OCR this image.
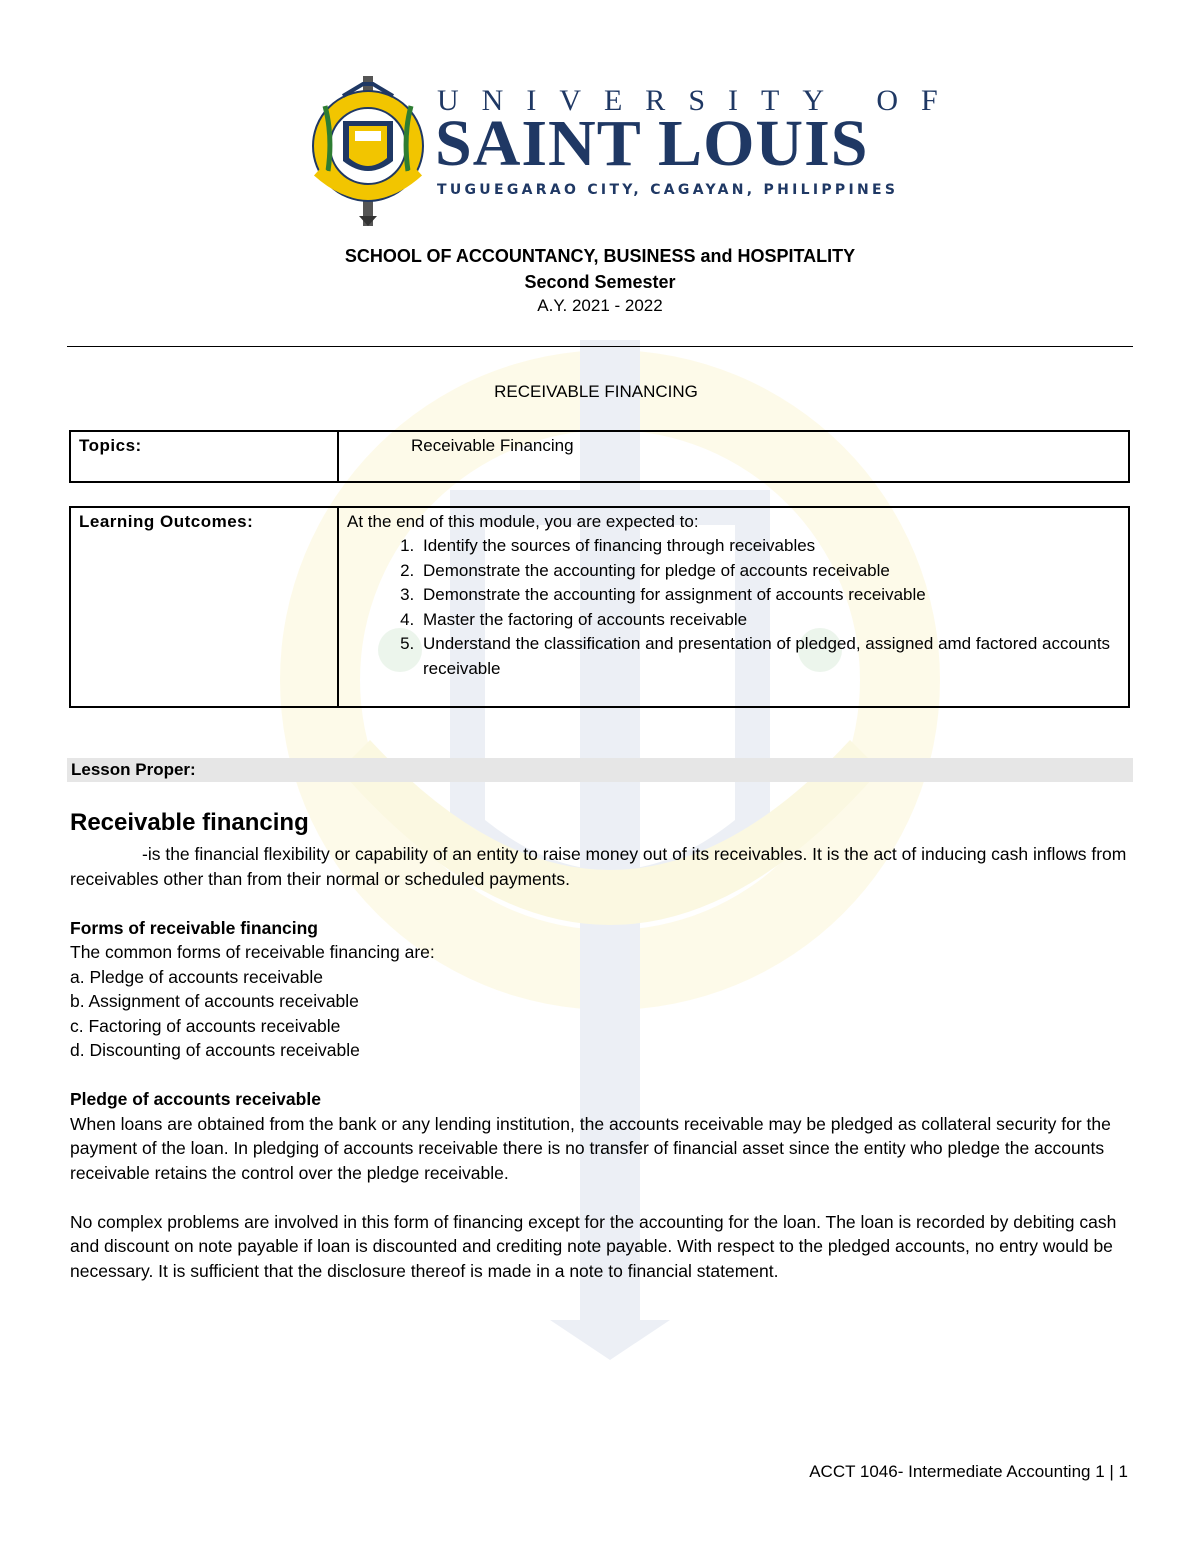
UNIVERSITY OF
SAINT LOUIS
TUGUEGARAO CITY, CAGAYAN, PHILIPPINES
SCHOOL OF ACCOUNTANCY, BUSINESS and HOSPITALITY
Second Semester
A.Y. 2021 - 2022
RECEIVABLE FINANCING
Topics:	Receivable Financing
Learning Outcomes:	At the end of this module, you are expected to:

1. Identify the sources of financing through receivables
2. Demonstrate the accounting for pledge of accounts receivable
3. Demonstrate the accounting for assignment of accounts receivable
4. Master the factoring of accounts receivable
5. Understand the classification and presentation of pledged, assigned amd factored accounts receivable
Lesson Proper:
Receivable financing

-is the financial flexibility or capability of an entity to raise money out of its receivables. It is the act of inducing cash inflows from receivables other than from their normal or scheduled payments.

Forms of receivable financing

The common forms of receivable financing are:

a. Pledge of accounts receivable
b. Assignment of accounts receivable
c. Factoring of accounts receivable
d. Discounting of accounts receivable
Pledge of accounts receivable

When loans are obtained from the bank or any lending institution, the accounts receivable may be pledged as collateral security for the payment of the loan. In pledging of accounts receivable there is no transfer of financial asset since the entity who pledge the accounts receivable retains the control over the pledge receivable.

No complex problems are involved in this form of financing except for the accounting for the loan. The loan is recorded by debiting cash and discount on note payable if loan is discounted and crediting note payable. With respect to the pledged accounts, no entry would be necessary. It is sufficient that the disclosure thereof is made in a note to financial statement.

ACCT 1046- Intermediate Accounting 1 | 1
